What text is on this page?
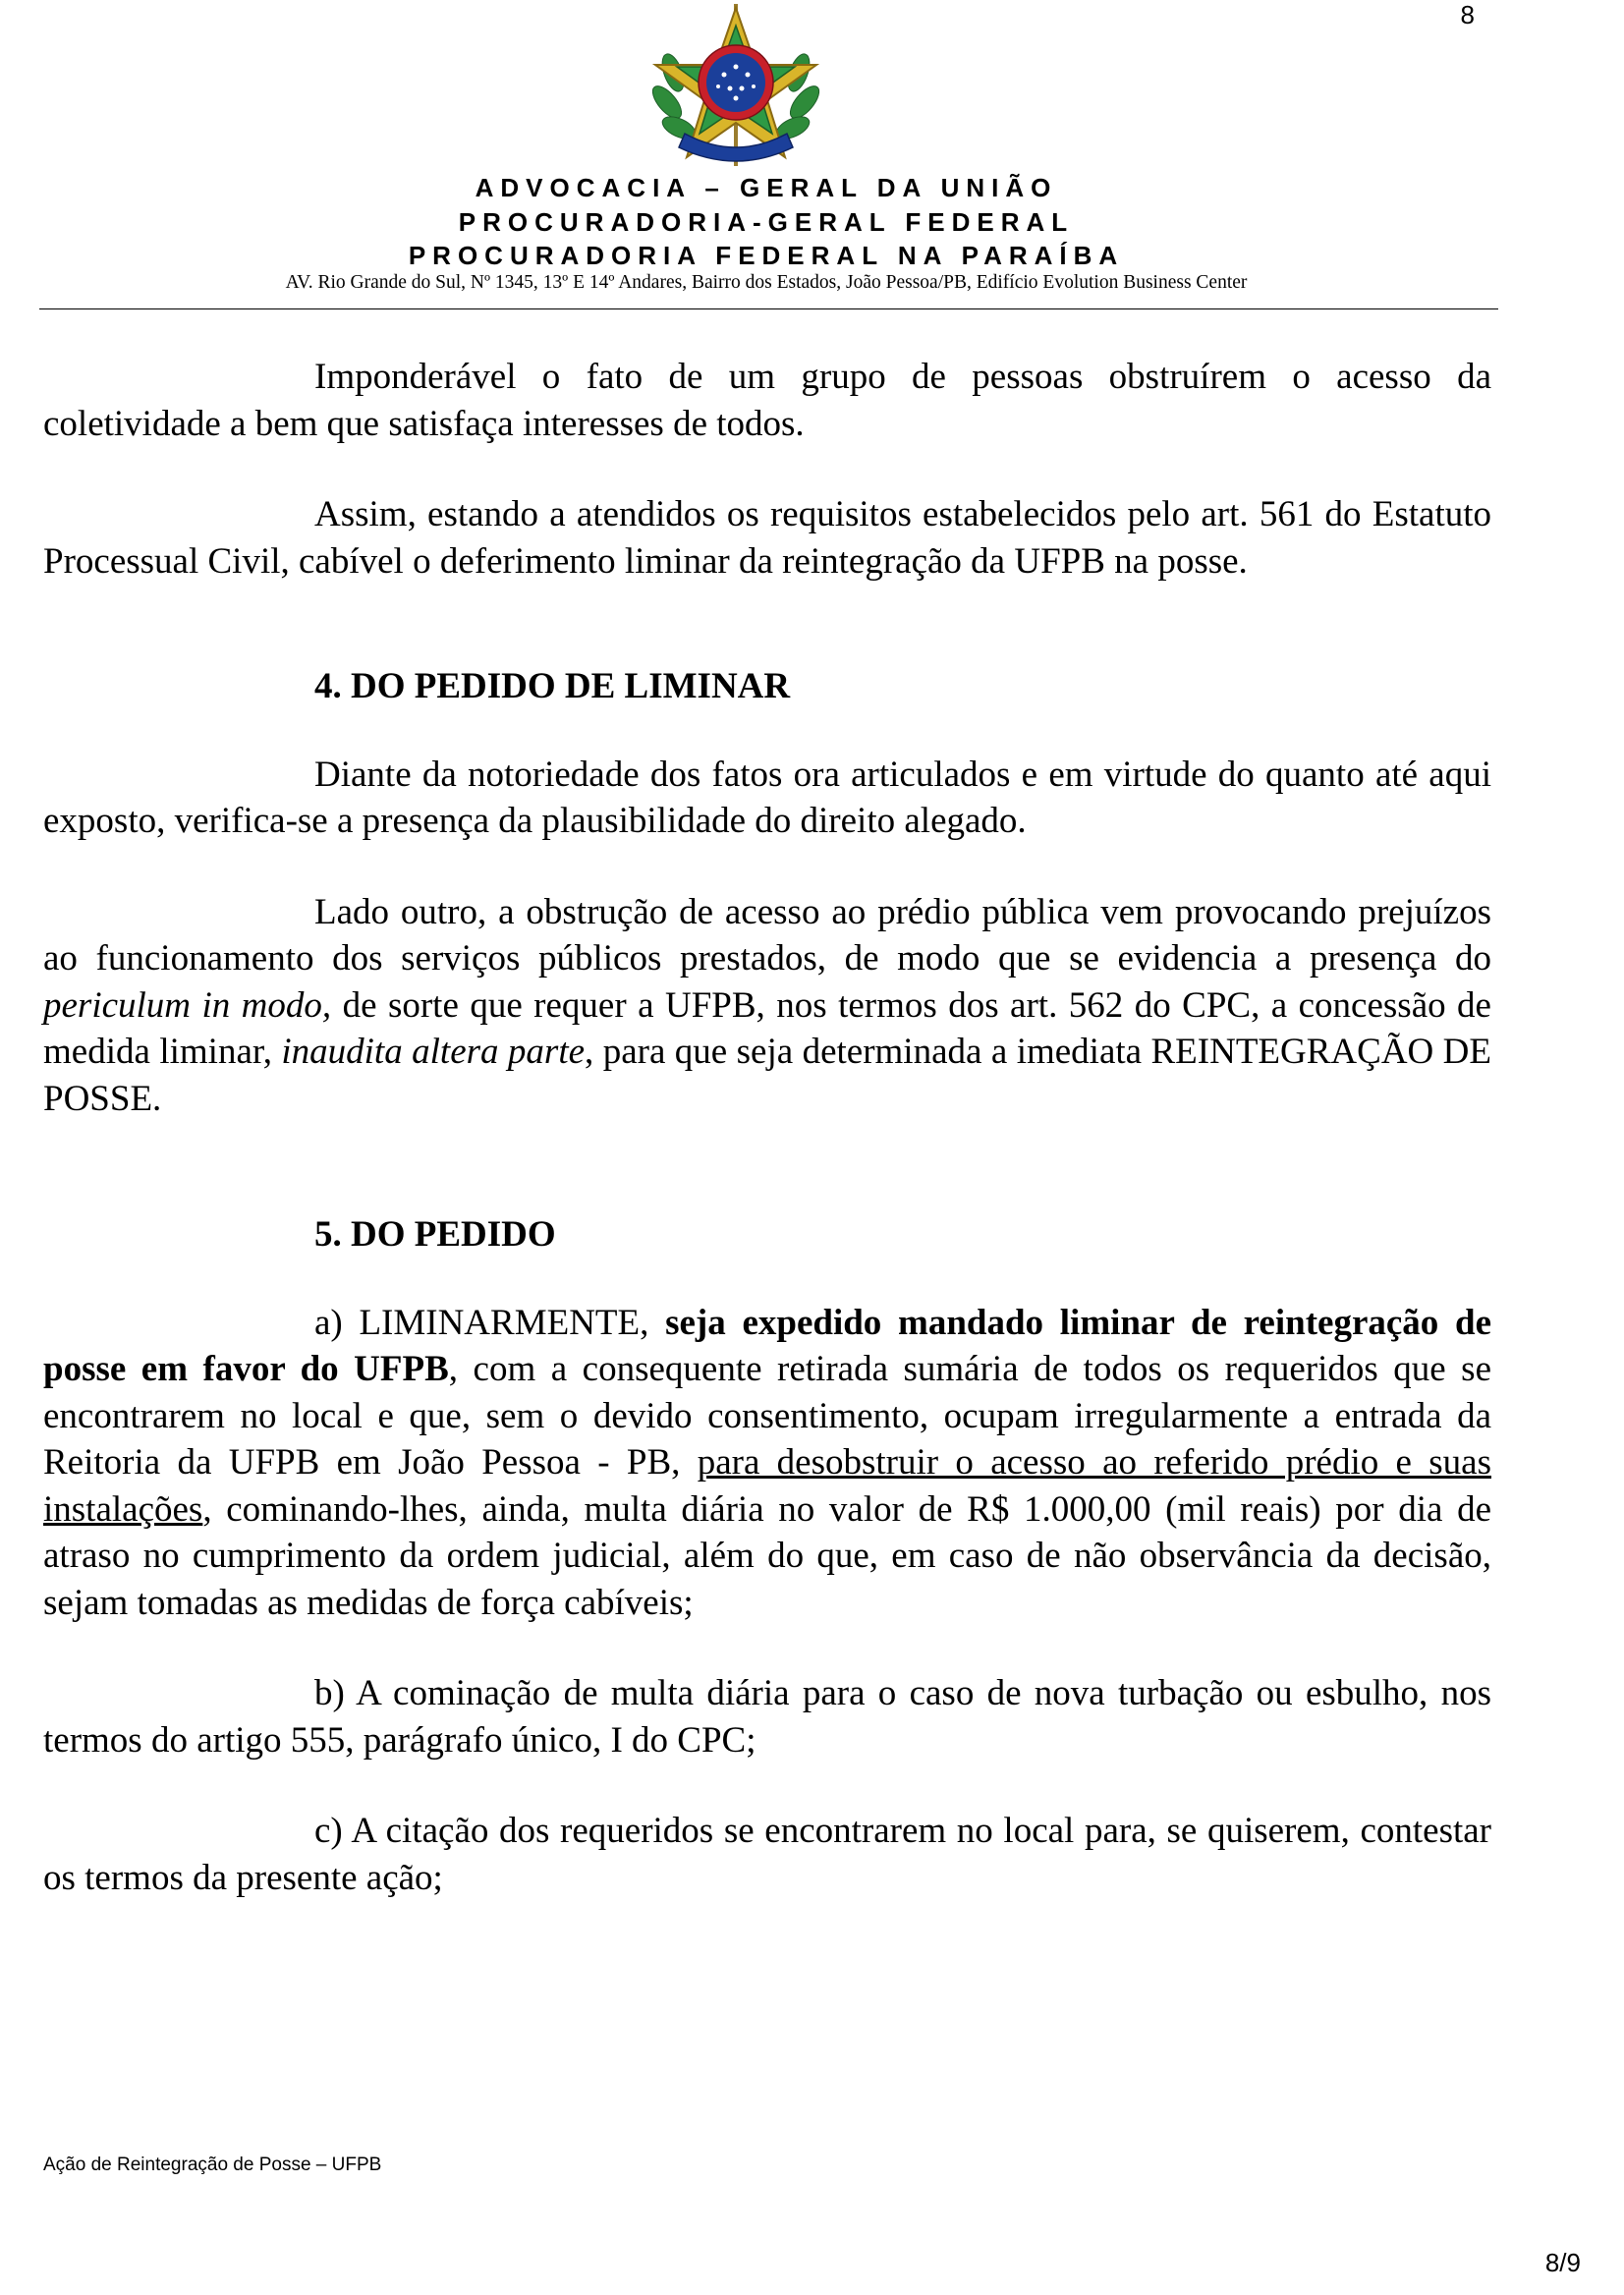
8
ADVOCACIA – GERAL DA UNIÃO
PROCURADORIA-GERAL FEDERAL
PROCURADORIA FEDERAL NA PARAÍBA
AV. Rio Grande do Sul, Nº 1345, 13º E 14º Andares, Bairro dos Estados, João Pessoa/PB, Edifício Evolution Business Center

Imponderável o fato de um grupo de pessoas obstruírem o acesso da coletividade a bem que satisfaça interesses de todos.

Assim, estando a atendidos os requisitos estabelecidos pelo art. 561 do Estatuto Processual Civil, cabível o deferimento liminar da reintegração da UFPB na posse.

4. DO PEDIDO DE LIMINAR

Diante da notoriedade dos fatos ora articulados e em virtude do quanto até aqui exposto, verifica-se a presença da plausibilidade do direito alegado.

Lado outro, a obstrução de acesso ao prédio pública vem provocando prejuízos ao funcionamento dos serviços públicos prestados, de modo que se evidencia a presença do periculum in modo, de sorte que requer a UFPB, nos termos dos art. 562 do CPC, a concessão de medida liminar, inaudita altera parte, para que seja determinada a imediata REINTEGRAÇÃO DE POSSE.

5. DO PEDIDO

a) LIMINARMENTE, seja expedido mandado liminar de reintegração de posse em favor do UFPB, com a consequente retirada sumária de todos os requeridos que se encontrarem no local e que, sem o devido consentimento, ocupam irregularmente a entrada da Reitoria da UFPB em João Pessoa - PB, para desobstruir o acesso ao referido prédio e suas instalações, cominando-lhes, ainda, multa diária no valor de R$ 1.000,00 (mil reais) por dia de atraso no cumprimento da ordem judicial, além do que, em caso de não observância da decisão, sejam tomadas as medidas de força cabíveis;

b) A cominação de multa diária para o caso de nova turbação ou esbulho, nos termos do artigo 555, parágrafo único, I do CPC;

c) A citação dos requeridos se encontrarem no local para, se quiserem, contestar os termos da presente ação;

Ação de Reintegração de Posse – UFPB
8/9
